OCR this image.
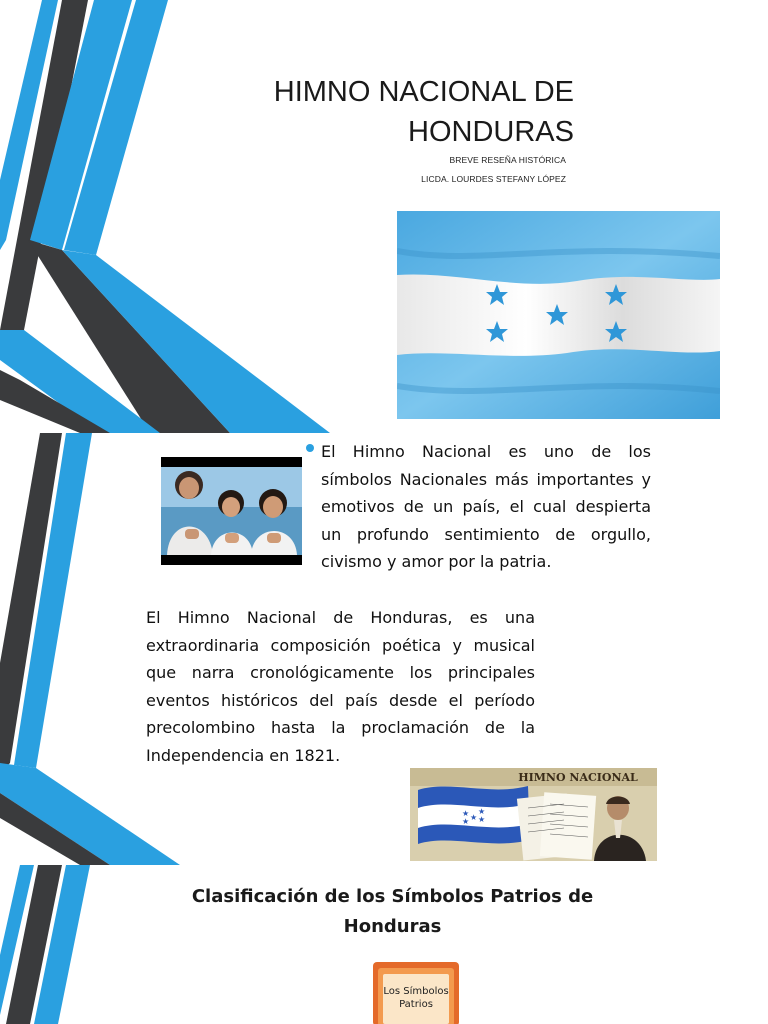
HIMNO NACIONAL DE
HONDURAS
BREVE RESEÑA HISTÓRICA
LICDA. LOURDES STEFANY LÓPEZ

El Himno Nacional es uno de los símbolos Nacionales más importantes y emotivos de un país, el cual despierta un profundo sentimiento de orgullo, civismo y amor por la patria.

El Himno Nacional de Honduras, es una extraordinaria composición poética y musical que narra cronológicamente los principales eventos históricos del país desde el período precolombino hasta la proclamación de la Independencia en 1821.

HIMNO NACIONAL
★ ★
★
★ ★
Clasificación de los Símbolos Patrios de Honduras
Los Símbolos Patrios
